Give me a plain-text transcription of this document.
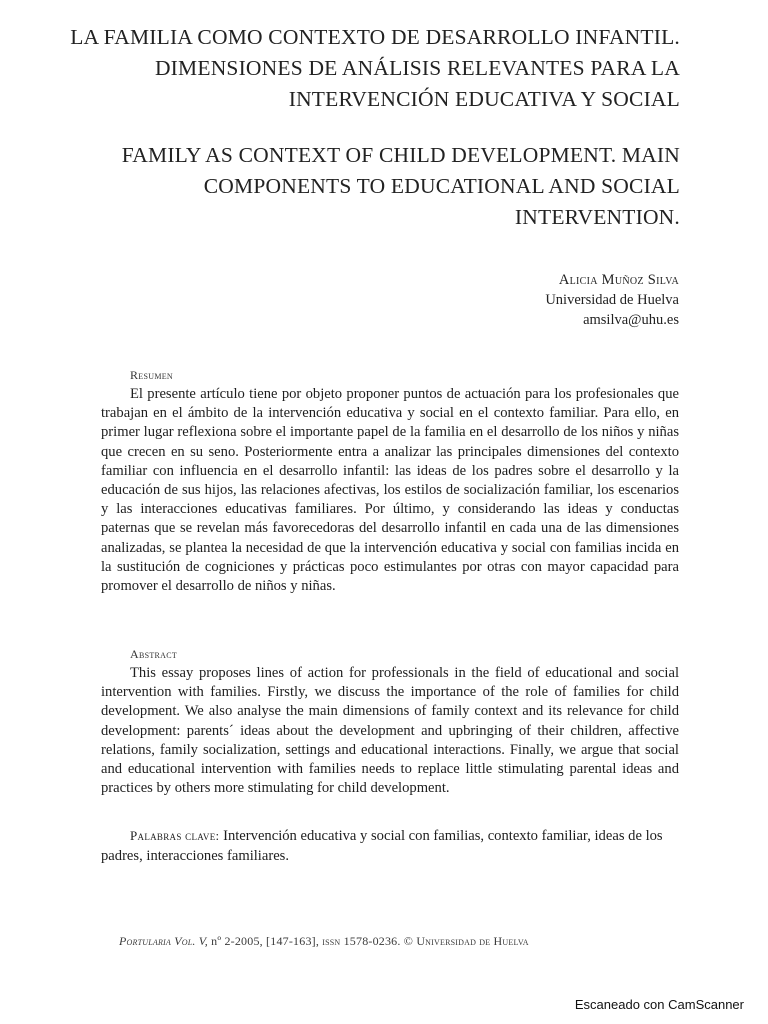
LA FAMILIA COMO CONTEXTO DE DESARROLLO INFANTIL. DIMENSIONES DE ANÁLISIS RELEVANTES PARA LA INTERVENCIÓN EDUCATIVA Y SOCIAL
FAMILY AS CONTEXT OF CHILD DEVELOPMENT. MAIN COMPONENTS TO EDUCATIONAL AND SOCIAL INTERVENTION.
Alicia Muñoz Silva
Universidad de Huelva
amsilva@uhu.es
Resumen

El presente artículo tiene por objeto proponer puntos de actuación para los profesionales que trabajan en el ámbito de la intervención educativa y social en el contexto familiar. Para ello, en primer lugar reflexiona sobre el importante papel de la familia en el desarrollo de los niños y niñas que crecen en su seno. Posteriormente entra a analizar las principales dimensiones del contexto familiar con influencia en el desarrollo infantil: las ideas de los padres sobre el desarrollo y la educación de sus hijos, las relaciones afectivas, los estilos de socialización familiar, los escenarios y las interacciones educativas familiares. Por último, y considerando las ideas y conductas paternas que se revelan más favorecedoras del desarrollo infantil en cada una de las dimensiones analizadas, se plantea la necesidad de que la intervención educativa y social con familias incida en la sustitución de cogniciones y prácticas poco estimulantes por otras con mayor capacidad para promover el desarrollo de niños y niñas.

Abstract

This essay proposes lines of action for professionals in the field of educational and social intervention with families. Firstly, we discuss the importance of the role of families for child development. We also analyse the main dimensions of family context and its relevance for child development: parents´ ideas about the development and upbringing of their children, affective relations, family socialization, settings and educational interactions. Finally, we argue that social and educational intervention with families needs to replace little stimulating parental ideas and practices by others more stimulating for child development.

Palabras clave: Intervención educativa y social con familias, contexto familiar, ideas de los padres, interacciones familiares.
Portularia Vol. V, nº 2-2005, [147-163], issn 1578-0236. © Universidad de Huelva
Escaneado con CamScanner
